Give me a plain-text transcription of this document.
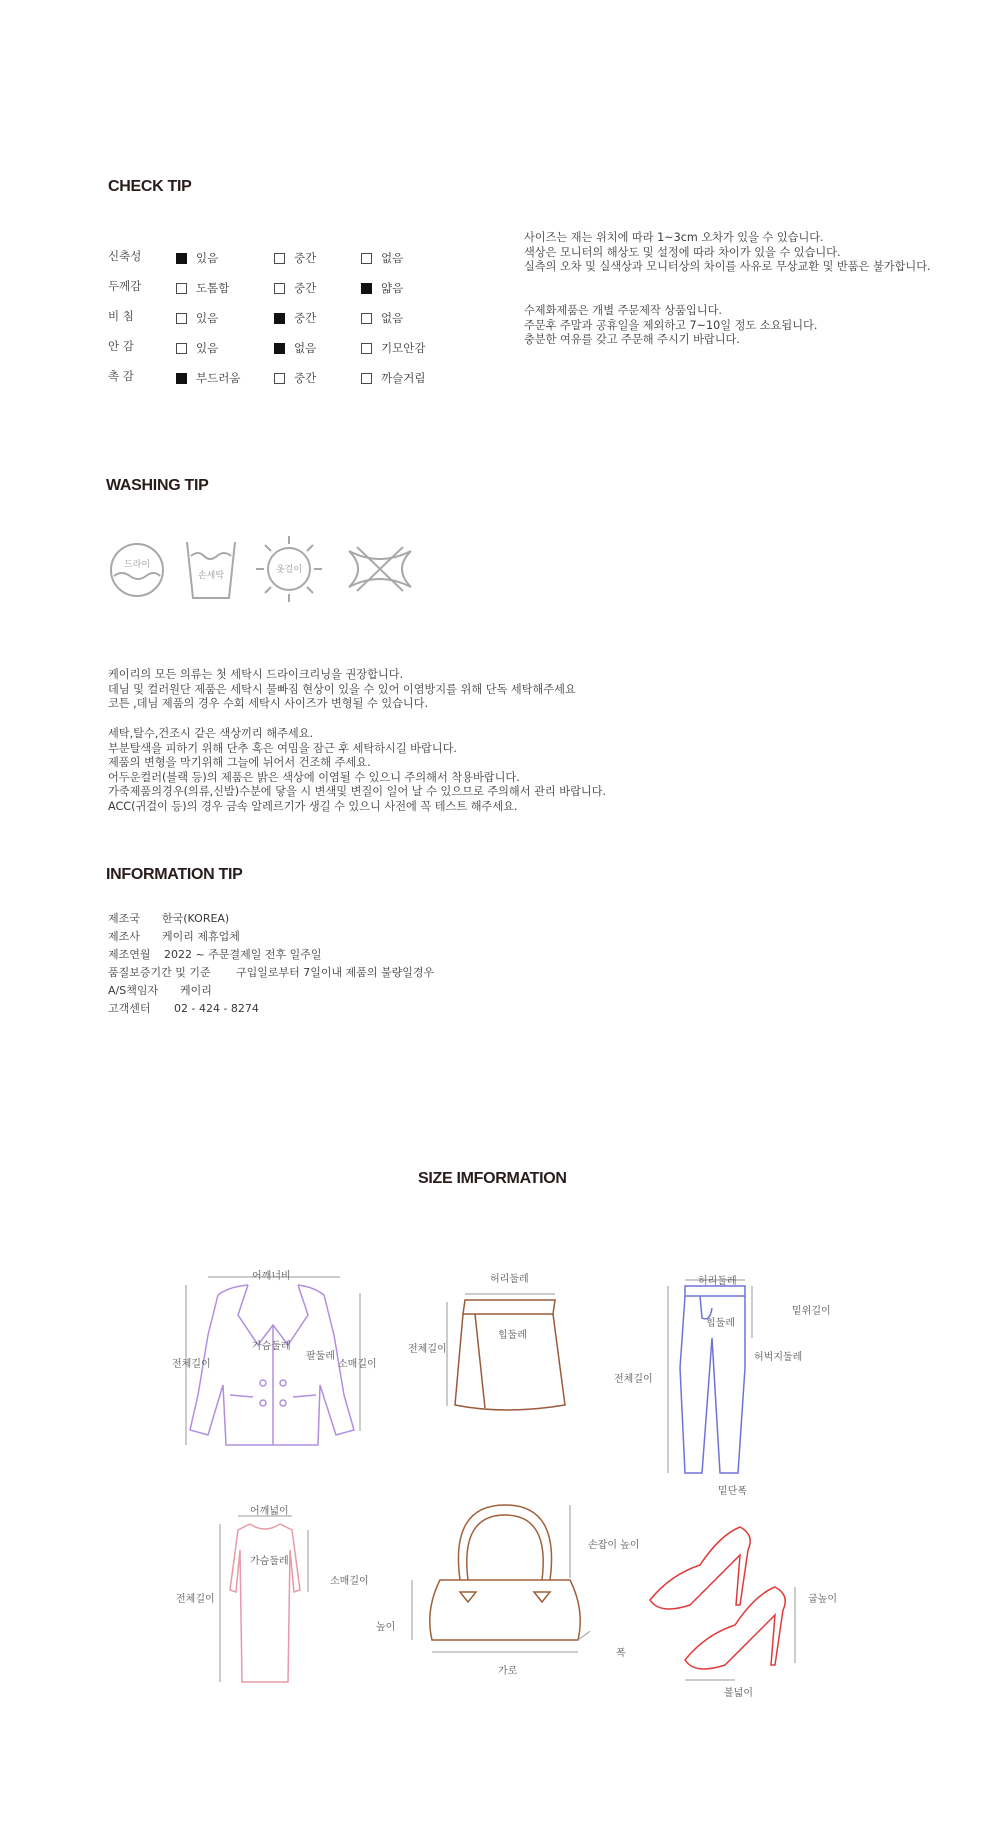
CHECK TIP
신축성	있음	중간	없음
두께감	도톰함	중간	얇음
비 침	있음	중간	없음
안 감	있음	없음	기모안감
촉 감	부드러움	중간	까슬거림
사이즈는 재는 위치에 따라 1~3cm 오차가 있을 수 있습니다.
색상은 모니터의 해상도 및 설정에 따라 차이가 있을 수 있습니다.
실측의 오차 및 실색상과 모니터상의 차이를 사유로 무상교환 및 반품은 불가합니다.
수제화제품은 개별 주문제작 상품입니다.
주문후 주말과 공휴일을 제외하고 7~10일 정도 소요됩니다.
충분한 여유를 갖고 주문해 주시기 바랍니다.
WASHING TIP
드라이
손세탁
옷걸이
케이리의 모든 의류는 첫 세탁시 드라이크리닝을 권장합니다.
데님 및 컬러원단 제품은 세탁시 물빠짐 현상이 있을 수 있어 이염방지를 위해 단독 세탁해주세요
코튼 ,데님 제품의 경우 수회 세탁시 사이즈가 변형될 수 있습니다.
세탁,탈수,건조시 같은 색상끼리 해주세요.
부분탈색을 피하기 위해 단추 혹은 여밈을 잠근 후 세탁하시길 바랍니다.
제품의 변형을 막기위해 그늘에 뉘어서 건조해 주세요.
어두운컬러(블랙 등)의 제품은 밝은 색상에 이염될 수 있으니 주의해서 착용바랍니다.
가죽제품의경우(의류,신발)수분에 닿을 시 변색및 변질이 일어 날 수 있으므로 주의해서 관리 바랍니다.
ACC(귀걸이 등)의 경우 금속 알레르기가 생길 수 있으니 사전에 꼭 테스트 해주세요.
INFORMATION TIP
제조국 한국(KOREA)
제조사 케이리 제휴업체
제조연월 2022 ~ 주문결제일 전후 일주일
품질보증기간 및 기준 구입일로부터 7일이내 제품의 불량일경우
A/S책임자 케이리
고객센터 02 - 424 - 8274
SIZE IMFORMATION
어깨너비
가슴둘레
팔둘레
전체길이	소매길이
허리둘레
힙둘레
전체길이
허리둘레
밑위길이
힙둘레
허벅지둘레
전체길이
밑단폭
어깨넓이
가슴둘레
소매길이
전체길이
손잡이 높이
높이
폭
가로
굽높이
볼넓이
